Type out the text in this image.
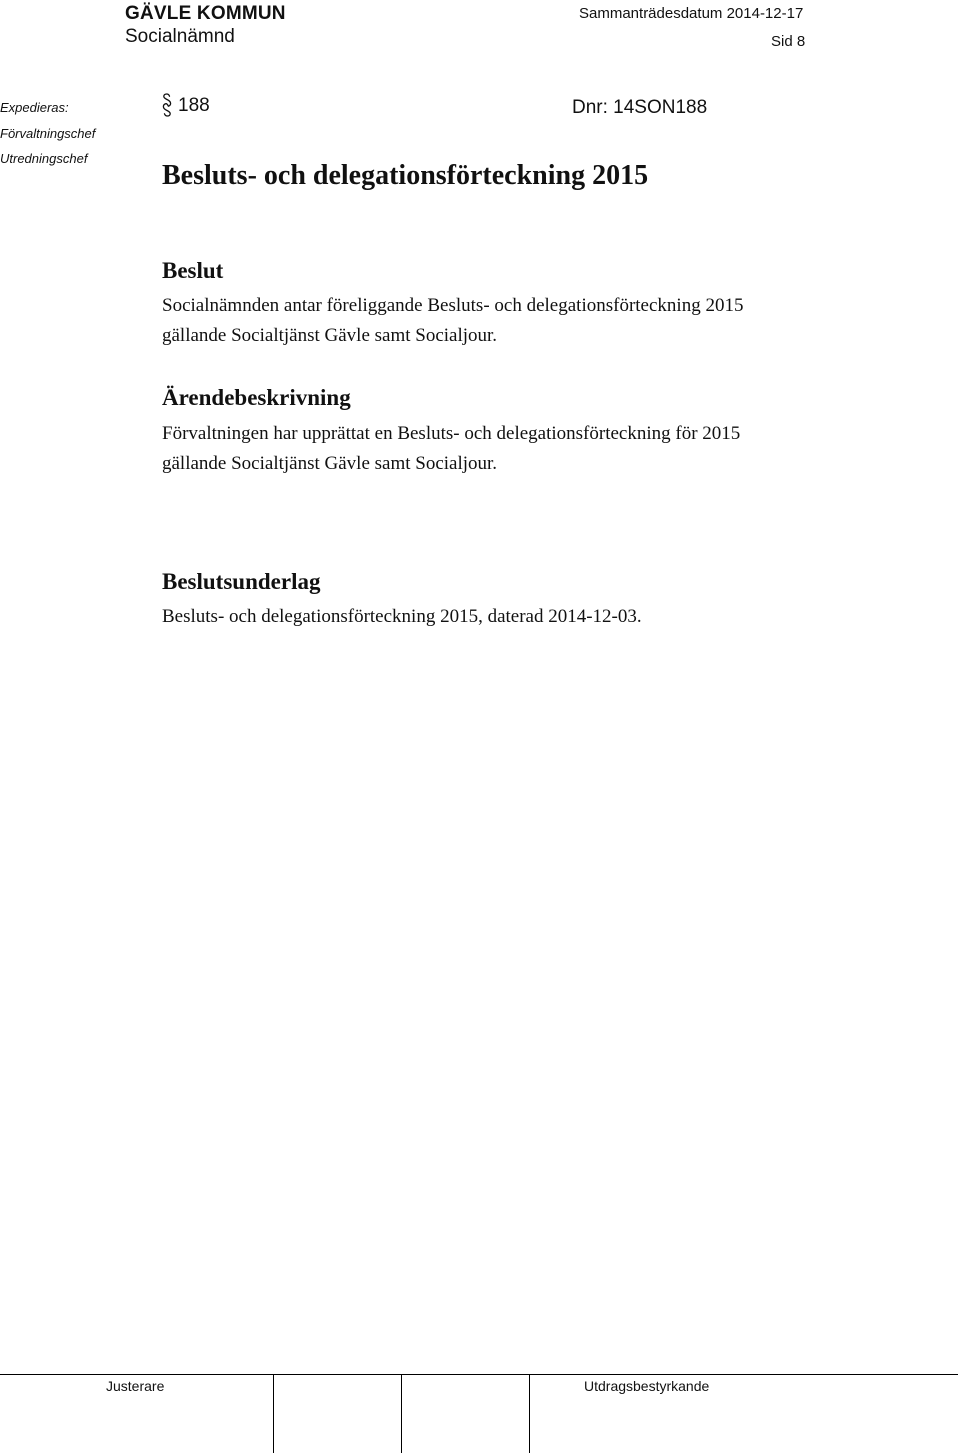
GÄVLE KOMMUN
Socialnämnd
Sammanträdesdatum 2014-12-17
Sid 8
Expedieras:
Förvaltningschef
Utredningschef
188	Dnr: 14SON188
Besluts- och delegationsförteckning 2015
Beslut
Socialnämnden antar föreliggande Besluts- och delegationsförteckning 2015 gällande Socialtjänst Gävle samt Socialjour.
Ärendebeskrivning
Förvaltningen har upprättat en Besluts- och delegationsförteckning för 2015 gällande Socialtjänst Gävle samt Socialjour.
Beslutsunderlag
Besluts- och delegationsförteckning 2015, daterad 2014-12-03.
Justerare	Utdragsbestyrkande
